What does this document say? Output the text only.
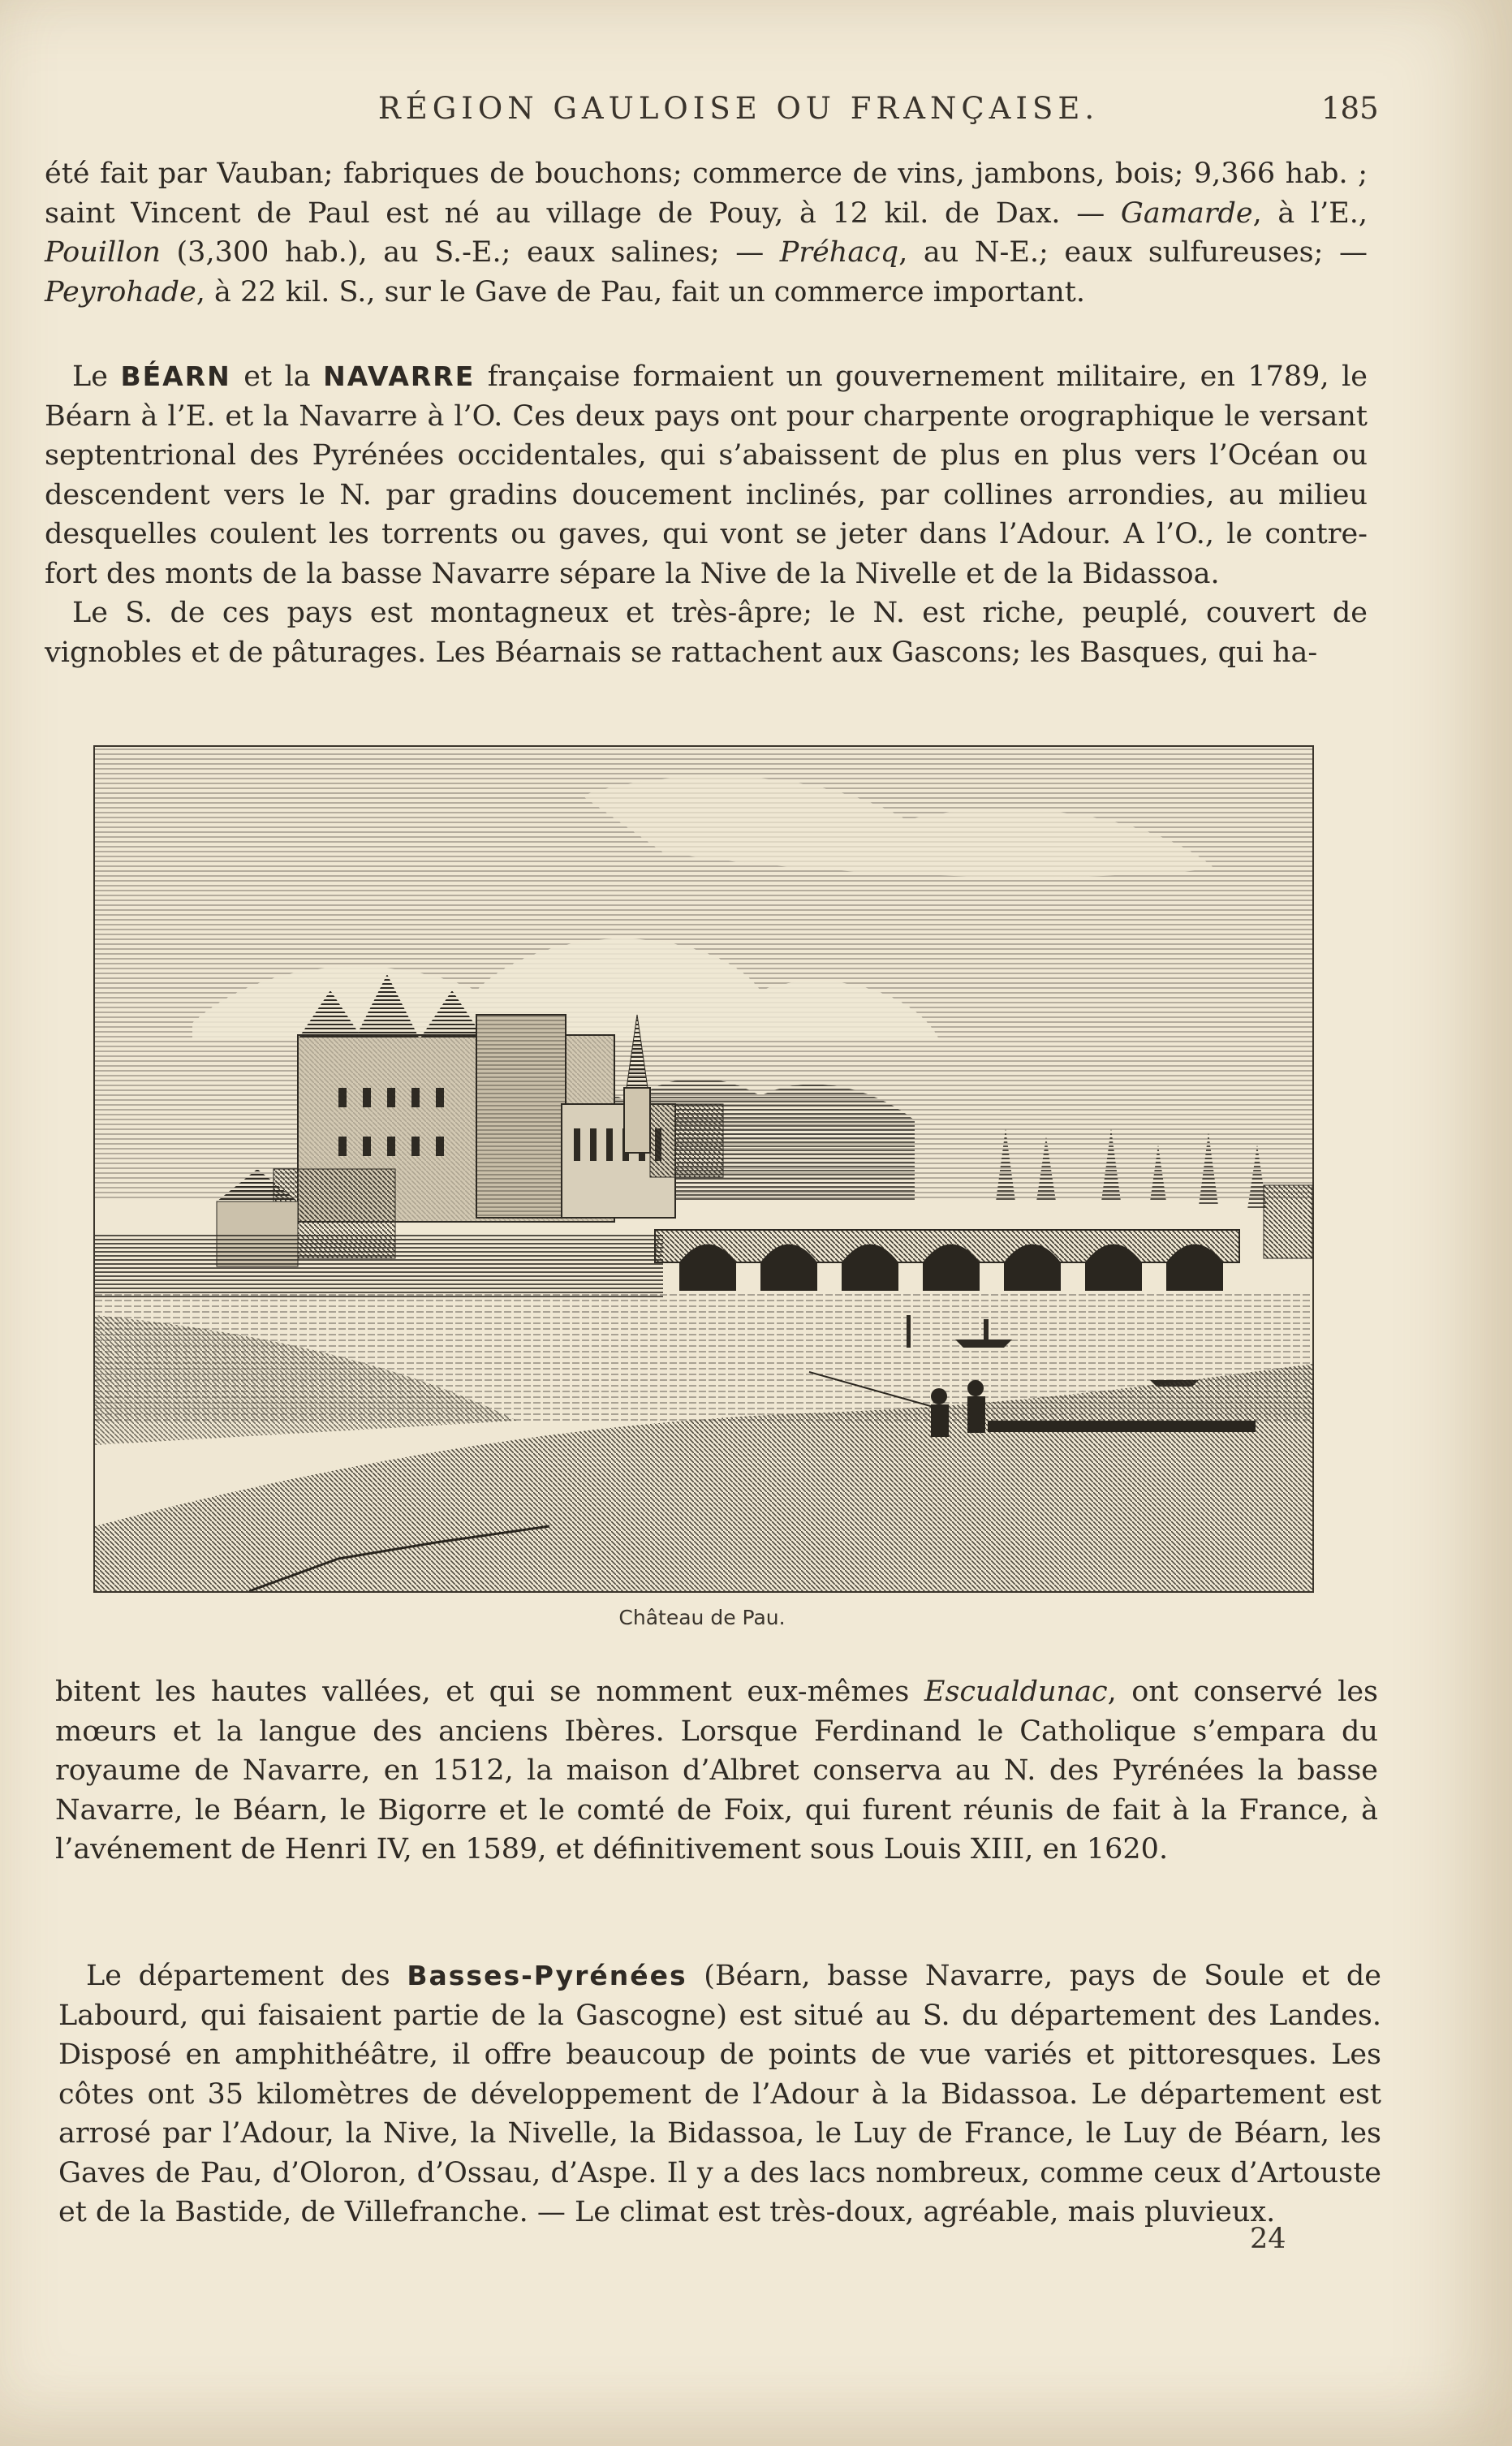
RÉGION GAULOISE OU FRANÇAISE.	185

été fait par Vauban; fabriques de bouchons; commerce de vins, jambons, bois; 9,366 hab. ; saint Vincent de Paul est né au village de Pouy, à 12 kil. de Dax. — Gamarde, à l’E., Pouillon (3,300 hab.), au S.-E.; eaux salines; — Préhacq, au N-E.; eaux sulfureuses; — Peyrohade, à 22 kil. S., sur le Gave de Pau, fait un commerce important.

Le BÉARN et la NAVARRE française formaient un gouvernement militaire, en 1789, le Béarn à l’E. et la Navarre à l’O. Ces deux pays ont pour charpente orographique le versant septentrional des Pyrénées occidentales, qui s’abaissent de plus en plus vers l’Océan ou descendent vers le N. par gradins doucement inclinés, par collines arrondies, au milieu desquelles coulent les torrents ou gaves, qui vont se jeter dans l’Adour. A l’O., le contre-fort des monts de la basse Navarre sépare la Nive de la Nivelle et de la Bidassoa.

Le S. de ces pays est montagneux et très-âpre; le N. est riche, peuplé, couvert de vignobles et de pâturages. Les Béarnais se rattachent aux Gascons; les Basques, qui ha-

Château de Pau.

bitent les hautes vallées, et qui se nomment eux-mêmes Escualdunac, ont conservé les mœurs et la langue des anciens Ibères. Lorsque Ferdinand le Catholique s’empara du royaume de Navarre, en 1512, la maison d’Albret conserva au N. des Pyrénées la basse Navarre, le Béarn, le Bigorre et le comté de Foix, qui furent réunis de fait à la France, à l’avénement de Henri IV, en 1589, et définitivement sous Louis XIII, en 1620.

Le département des Basses-Pyrénées (Béarn, basse Navarre, pays de Soule et de Labourd, qui faisaient partie de la Gascogne) est situé au S. du département des Landes. Disposé en amphithéâtre, il offre beaucoup de points de vue variés et pittoresques. Les côtes ont 35 kilomètres de développement de l’Adour à la Bidassoa. Le département est arrosé par l’Adour, la Nive, la Nivelle, la Bidassoa, le Luy de France, le Luy de Béarn, les Gaves de Pau, d’Oloron, d’Ossau, d’Aspe. Il y a des lacs nombreux, comme ceux d’Artouste et de la Bastide, de Villefranche. — Le climat est très-doux, agréable, mais pluvieux.

24
